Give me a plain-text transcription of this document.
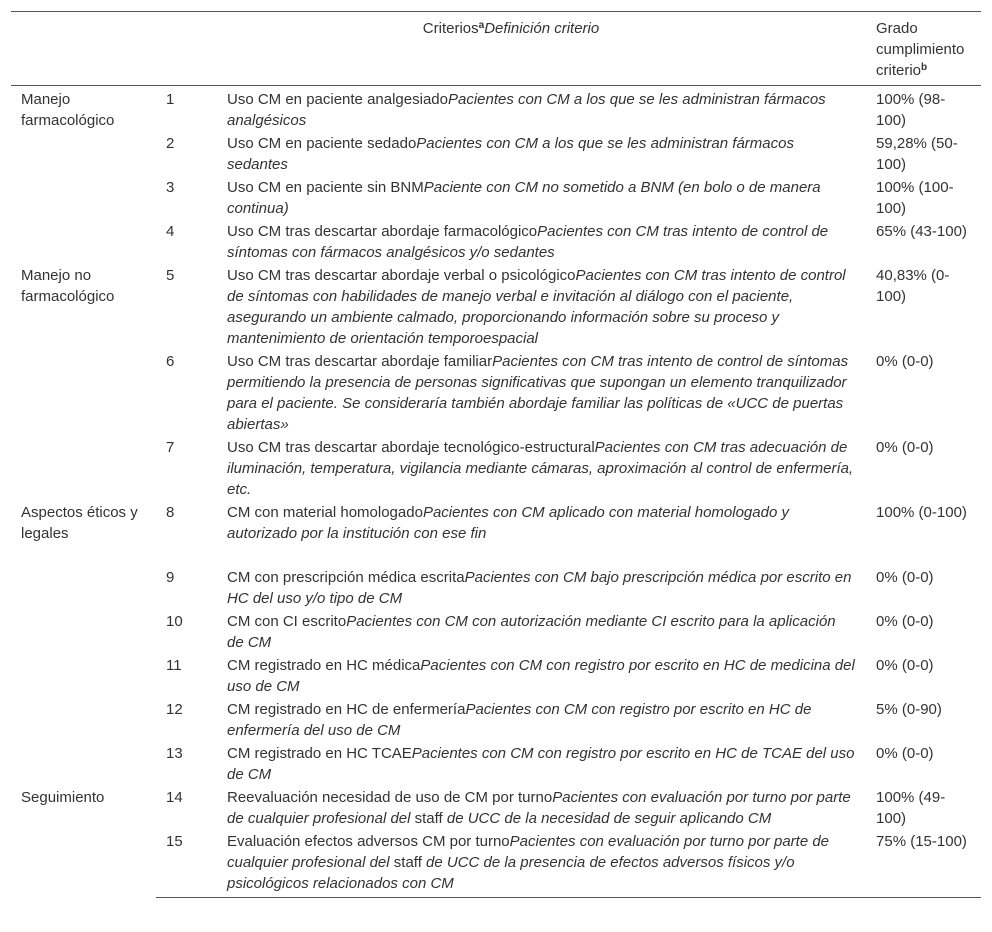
	Criterios$^a$Definición criterio		Grado cumplimiento criterio$^b$
Manejo farmacológico	1	Uso CM en paciente analgesiadoPacientes con CM a los que se les administran fármacos analgésicos	100% (98-100)
	2	Uso CM en paciente sedadoPacientes con CM a los que se les administran fármacos sedantes	59,28% (50-100)
	3	Uso CM en paciente sin BNMPaciente con CM no sometido a BNM (en bolo o de manera continua)	100% (100-100)
	4	Uso CM tras descartar abordaje farmacológicoPacientes con CM tras intento de control de síntomas con fármacos analgésicos y/o sedantes	65% (43-100)
Manejo no farmacológico	5	Uso CM tras descartar abordaje verbal o psicológicoPacientes con CM tras intento de control de síntomas con habilidades de manejo verbal e invitación al diálogo con el paciente, asegurando un ambiente calmado, proporcionando información sobre su proceso y mantenimiento de orientación temporoespacial	40,83% (0-100)
	6	Uso CM tras descartar abordaje familiarPacientes con CM tras intento de control de síntomas permitiendo la presencia de personas significativas que supongan un elemento tranquilizador para el paciente. Se consideraría también abordaje familiar las políticas de «UCC de puertas abiertas»	0% (0-0)
	7	Uso CM tras descartar abordaje tecnológico-estructuralPacientes con CM tras adecuación de iluminación, temperatura, vigilancia mediante cámaras, aproximación al control de enfermería, etc.	0% (0-0)
Aspectos éticos y legales	8	CM con material homologadoPacientes con CM aplicado con material homologado y autorizado por la institución con ese fin	100% (0-100)
	9	CM con prescripción médica escritaPacientes con CM bajo prescripción médica por escrito en HC del uso y/o tipo de CM	0% (0-0)
	10	CM con CI escritoPacientes con CM con autorización mediante CI escrito para la aplicación de CM	0% (0-0)
	11	CM registrado en HC médicaPacientes con CM con registro por escrito en HC de medicina del uso de CM	0% (0-0)
	12	CM registrado en HC de enfermeríaPacientes con CM con registro por escrito en HC de enfermería del uso de CM	5% (0-90)
	13	CM registrado en HC TCAEPacientes con CM con registro por escrito en HC de TCAE del uso de CM	0% (0-0)
Seguimiento	14	Reevaluación necesidad de uso de CM por turnoPacientes con evaluación por turno por parte de cualquier profesional del staff de UCC de la necesidad de seguir aplicando CM	100% (49-100)
	15	Evaluación efectos adversos CM por turnoPacientes con evaluación por turno por parte de cualquier profesional del staff de UCC de la presencia de efectos adversos físicos y/o psicológicos relacionados con CM	75% (15-100)
